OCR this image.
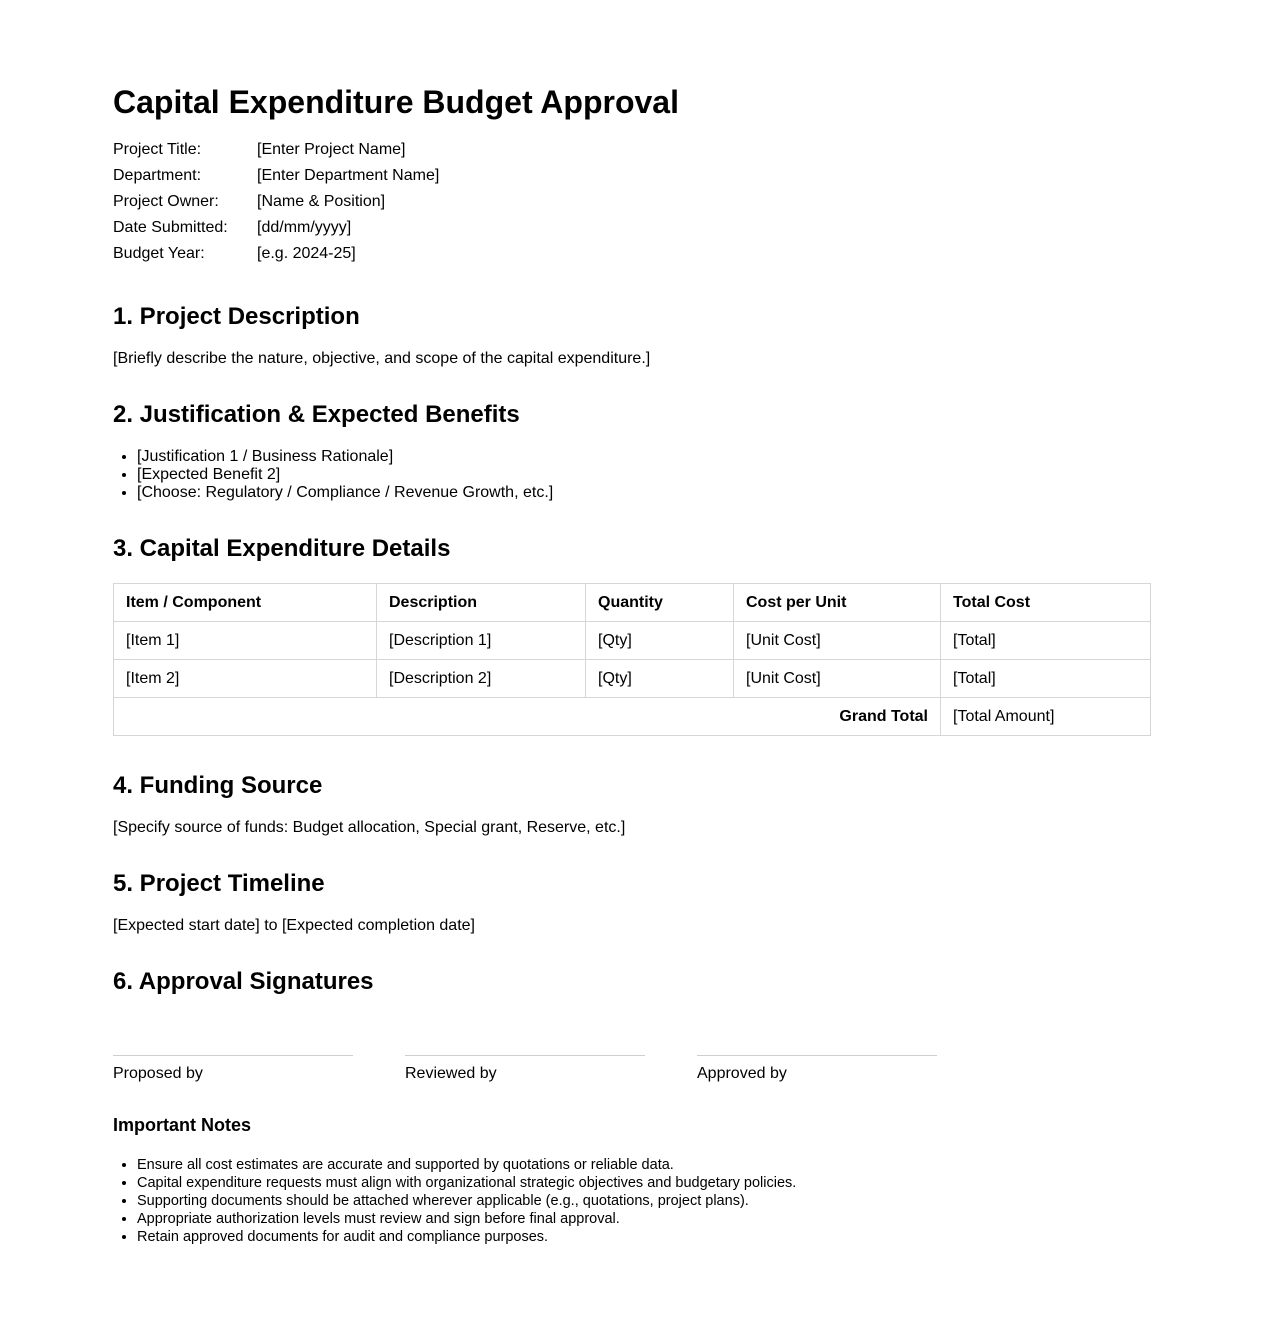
Capital Expenditure Budget Approval
Project Title:	[Enter Project Name]
Department:	[Enter Department Name]
Project Owner:	[Name & Position]
Date Submitted:	[dd/mm/yyyy]
Budget Year:	[e.g. 2024-25]
1. Project Description

[Briefly describe the nature, objective, and scope of the capital expenditure.]

2. Justification & Expected Benefits
• [Justification 1 / Business Rationale]
• [Expected Benefit 2]
• [Choose: Regulatory / Compliance / Revenue Growth, etc.]
3. Capital Expenditure Details
Item / Component	Description	Quantity	Cost per Unit	Total Cost
[Item 1]	[Description 1]	[Qty]	[Unit Cost]	[Total]
[Item 2]	[Description 2]	[Qty]	[Unit Cost]	[Total]
Grand Total				[Total Amount]
4. Funding Source

[Specify source of funds: Budget allocation, Special grant, Reserve, etc.]

5. Project Timeline

[Expected start date] to [Expected completion date]

6. Approval Signatures
Proposed by	Reviewed by	Approved by
Important Notes
• Ensure all cost estimates are accurate and supported by quotations or reliable data.
• Capital expenditure requests must align with organizational strategic objectives and budgetary policies.
• Supporting documents should be attached wherever applicable (e.g., quotations, project plans).
• Appropriate authorization levels must review and sign before final approval.
• Retain approved documents for audit and compliance purposes.
